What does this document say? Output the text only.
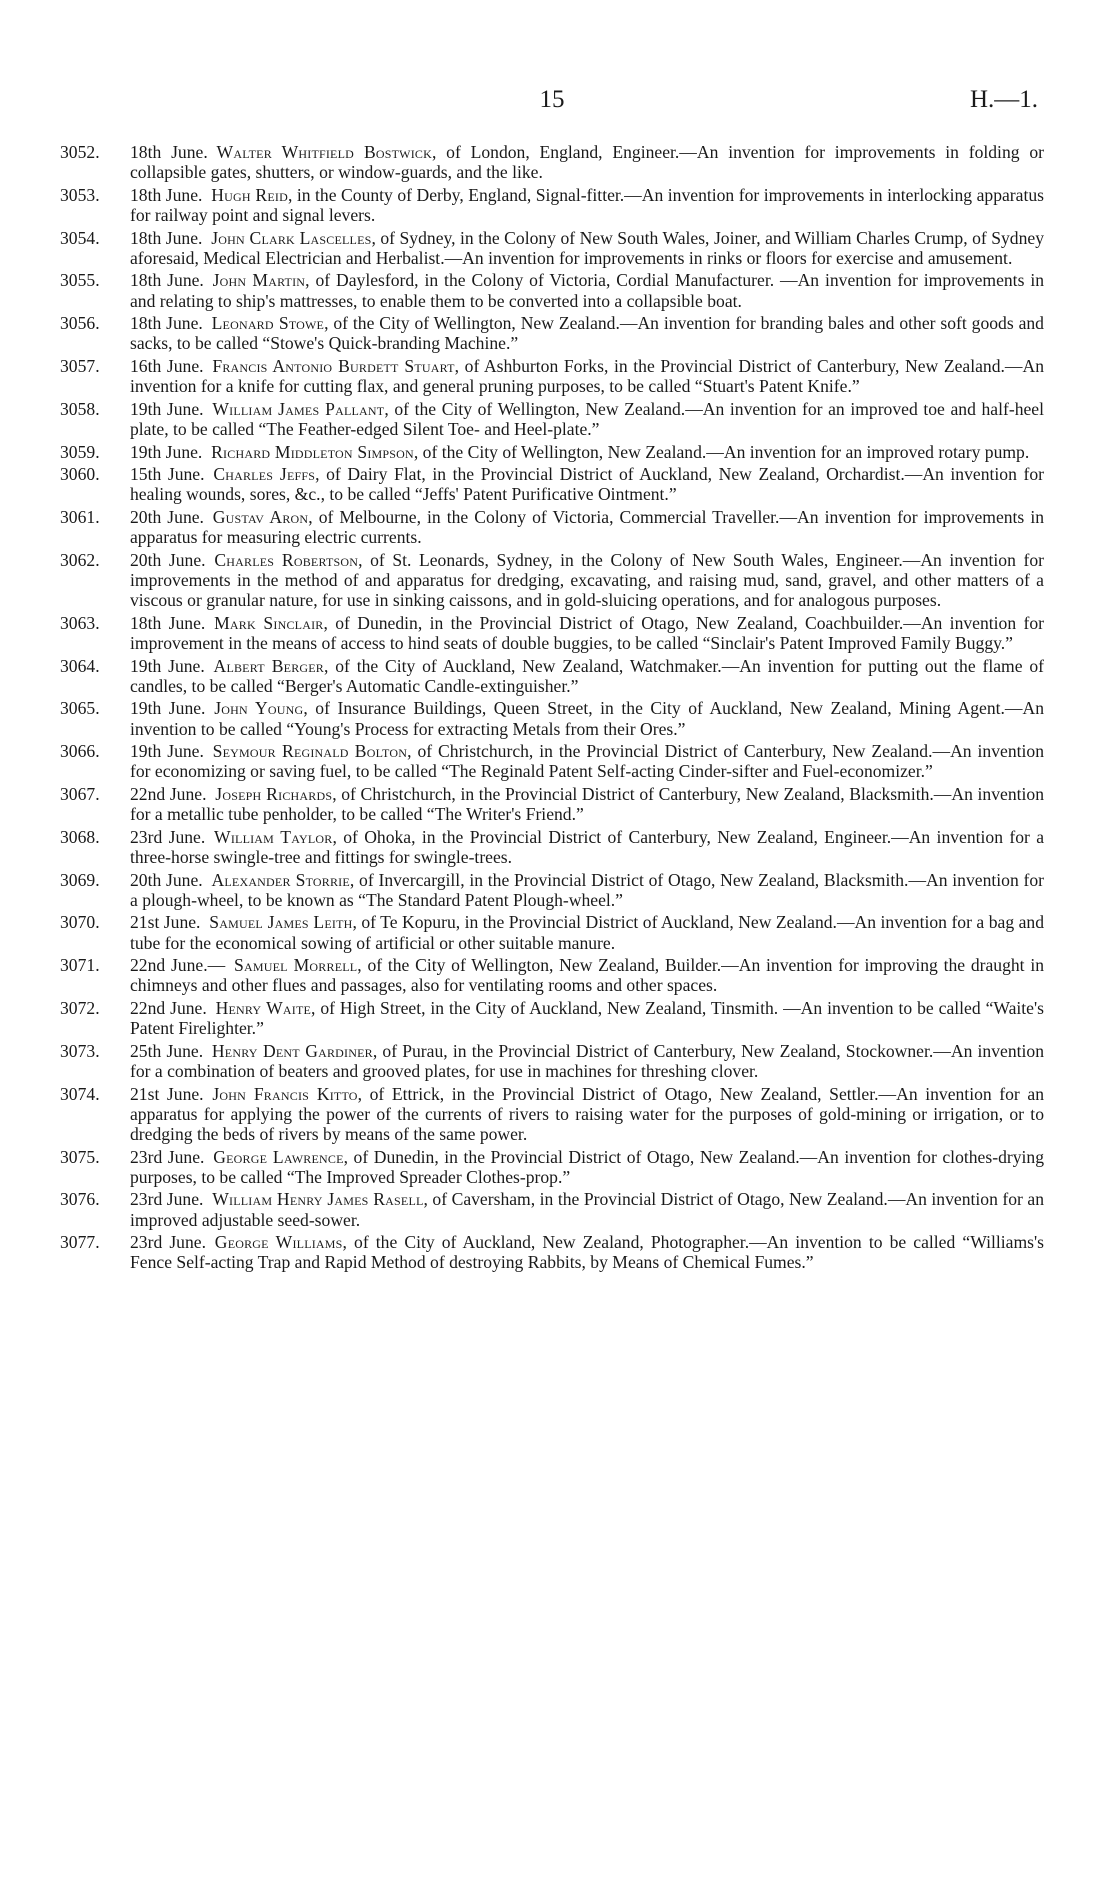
15	H.—1.
3052. 18th June.  Walter Whitfield Bostwick, of London, England, Engineer.—An invention for improvements in folding or collapsible gates, shutters, or window-guards, and the like.
3053. 18th June.  Hugh Reid, in the County of Derby, England, Signal-fitter.—An invention for improvements in interlocking apparatus for railway point and signal levers.
3054. 18th June.  John Clark Lascelles, of Sydney, in the Colony of New South Wales, Joiner, and William Charles Crump, of Sydney aforesaid, Medical Electrician and Herbalist.—An invention for improvements in rinks or floors for exercise and amusement.
3055. 18th June.  John Martin, of Daylesford, in the Colony of Victoria, Cordial Manufacturer. —An invention for improvements in and relating to ship's mattresses, to enable them to be converted into a collapsible boat.
3056. 18th June.  Leonard Stowe, of the City of Wellington, New Zealand.—An invention for branding bales and other soft goods and sacks, to be called “Stowe's Quick-branding Machine.”
3057. 16th June.  Francis Antonio Burdett Stuart, of Ashburton Forks, in the Provincial District of Canterbury, New Zealand.—An invention for a knife for cutting flax, and general pruning purposes, to be called “Stuart's Patent Knife.”
3058. 19th June.  William James Pallant, of the City of Wellington, New Zealand.—An invention for an improved toe and half-heel plate, to be called “The Feather-edged Silent Toe- and Heel-plate.”
3059. 19th June.  Richard Middleton Simpson, of the City of Wellington, New Zealand.—An invention for an improved rotary pump.
3060. 15th June.  Charles Jeffs, of Dairy Flat, in the Provincial District of Auckland, New Zealand, Orchardist.—An invention for healing wounds, sores, &c., to be called “Jeffs' Patent Purificative Ointment.”
3061. 20th June.  Gustav Aron, of Melbourne, in the Colony of Victoria, Commercial Traveller.—An invention for improvements in apparatus for measuring electric currents.
3062. 20th June.  Charles Robertson, of St. Leonards, Sydney, in the Colony of New South Wales, Engineer.—An invention for improvements in the method of and apparatus for dredging, excavating, and raising mud, sand, gravel, and other matters of a viscous or granular nature, for use in sinking caissons, and in gold-sluicing operations, and for analogous purposes.
3063. 18th June.  Mark Sinclair, of Dunedin, in the Provincial District of Otago, New Zealand, Coachbuilder.—An invention for improvement in the means of access to hind seats of double buggies, to be called “Sinclair's Patent Improved Family Buggy.”
3064. 19th June.  Albert Berger, of the City of Auckland, New Zealand, Watchmaker.—An invention for putting out the flame of candles, to be called “Berger's Automatic Candle-extinguisher.”
3065. 19th June.  John Young, of Insurance Buildings, Queen Street, in the City of Auckland, New Zealand, Mining Agent.—An invention to be called “Young's Process for extracting Metals from their Ores.”
3066. 19th June.  Seymour Reginald Bolton, of Christchurch, in the Provincial District of Canterbury, New Zealand.—An invention for economizing or saving fuel, to be called “The Reginald Patent Self-acting Cinder-sifter and Fuel-economizer.”
3067. 22nd June.  Joseph Richards, of Christchurch, in the Provincial District of Canterbury, New Zealand, Blacksmith.—An invention for a metallic tube penholder, to be called “The Writer's Friend.”
3068. 23rd June.  William Taylor, of Ohoka, in the Provincial District of Canterbury, New Zealand, Engineer.—An invention for a three-horse swingle-tree and fittings for swingle-trees.
3069. 20th June.  Alexander Storrie, of Invercargill, in the Provincial District of Otago, New Zealand, Blacksmith.—An invention for a plough-wheel, to be known as “The Standard Patent Plough-wheel.”
3070. 21st June.  Samuel James Leith, of Te Kopuru, in the Provincial District of Auckland, New Zealand.—An invention for a bag and tube for the economical sowing of artificial or other suitable manure.
3071. 22nd June.—  Samuel Morrell, of the City of Wellington, New Zealand, Builder.—An invention for improving the draught in chimneys and other flues and passages, also for ventilating rooms and other spaces.
3072. 22nd June.  Henry Waite, of High Street, in the City of Auckland, New Zealand, Tinsmith. —An invention to be called “Waite's Patent Firelighter.”
3073. 25th June.  Henry Dent Gardiner, of Purau, in the Provincial District of Canterbury, New Zealand, Stockowner.—An invention for a combination of beaters and grooved plates, for use in machines for threshing clover.
3074. 21st June.  John Francis Kitto, of Ettrick, in the Provincial District of Otago, New Zealand, Settler.—An invention for an apparatus for applying the power of the currents of rivers to raising water for the purposes of gold-mining or irrigation, or to dredging the beds of rivers by means of the same power.
3075. 23rd June.  George Lawrence, of Dunedin, in the Provincial District of Otago, New Zealand.—An invention for clothes-drying purposes, to be called “The Improved Spreader Clothes-prop.”
3076. 23rd June.  William Henry James Rasell, of Caversham, in the Provincial District of Otago, New Zealand.—An invention for an improved adjustable seed-sower.
3077. 23rd June.  George Williams, of the City of Auckland, New Zealand, Photographer.—An invention to be called “Williams's Fence Self-acting Trap and Rapid Method of destroying Rabbits, by Means of Chemical Fumes.”
